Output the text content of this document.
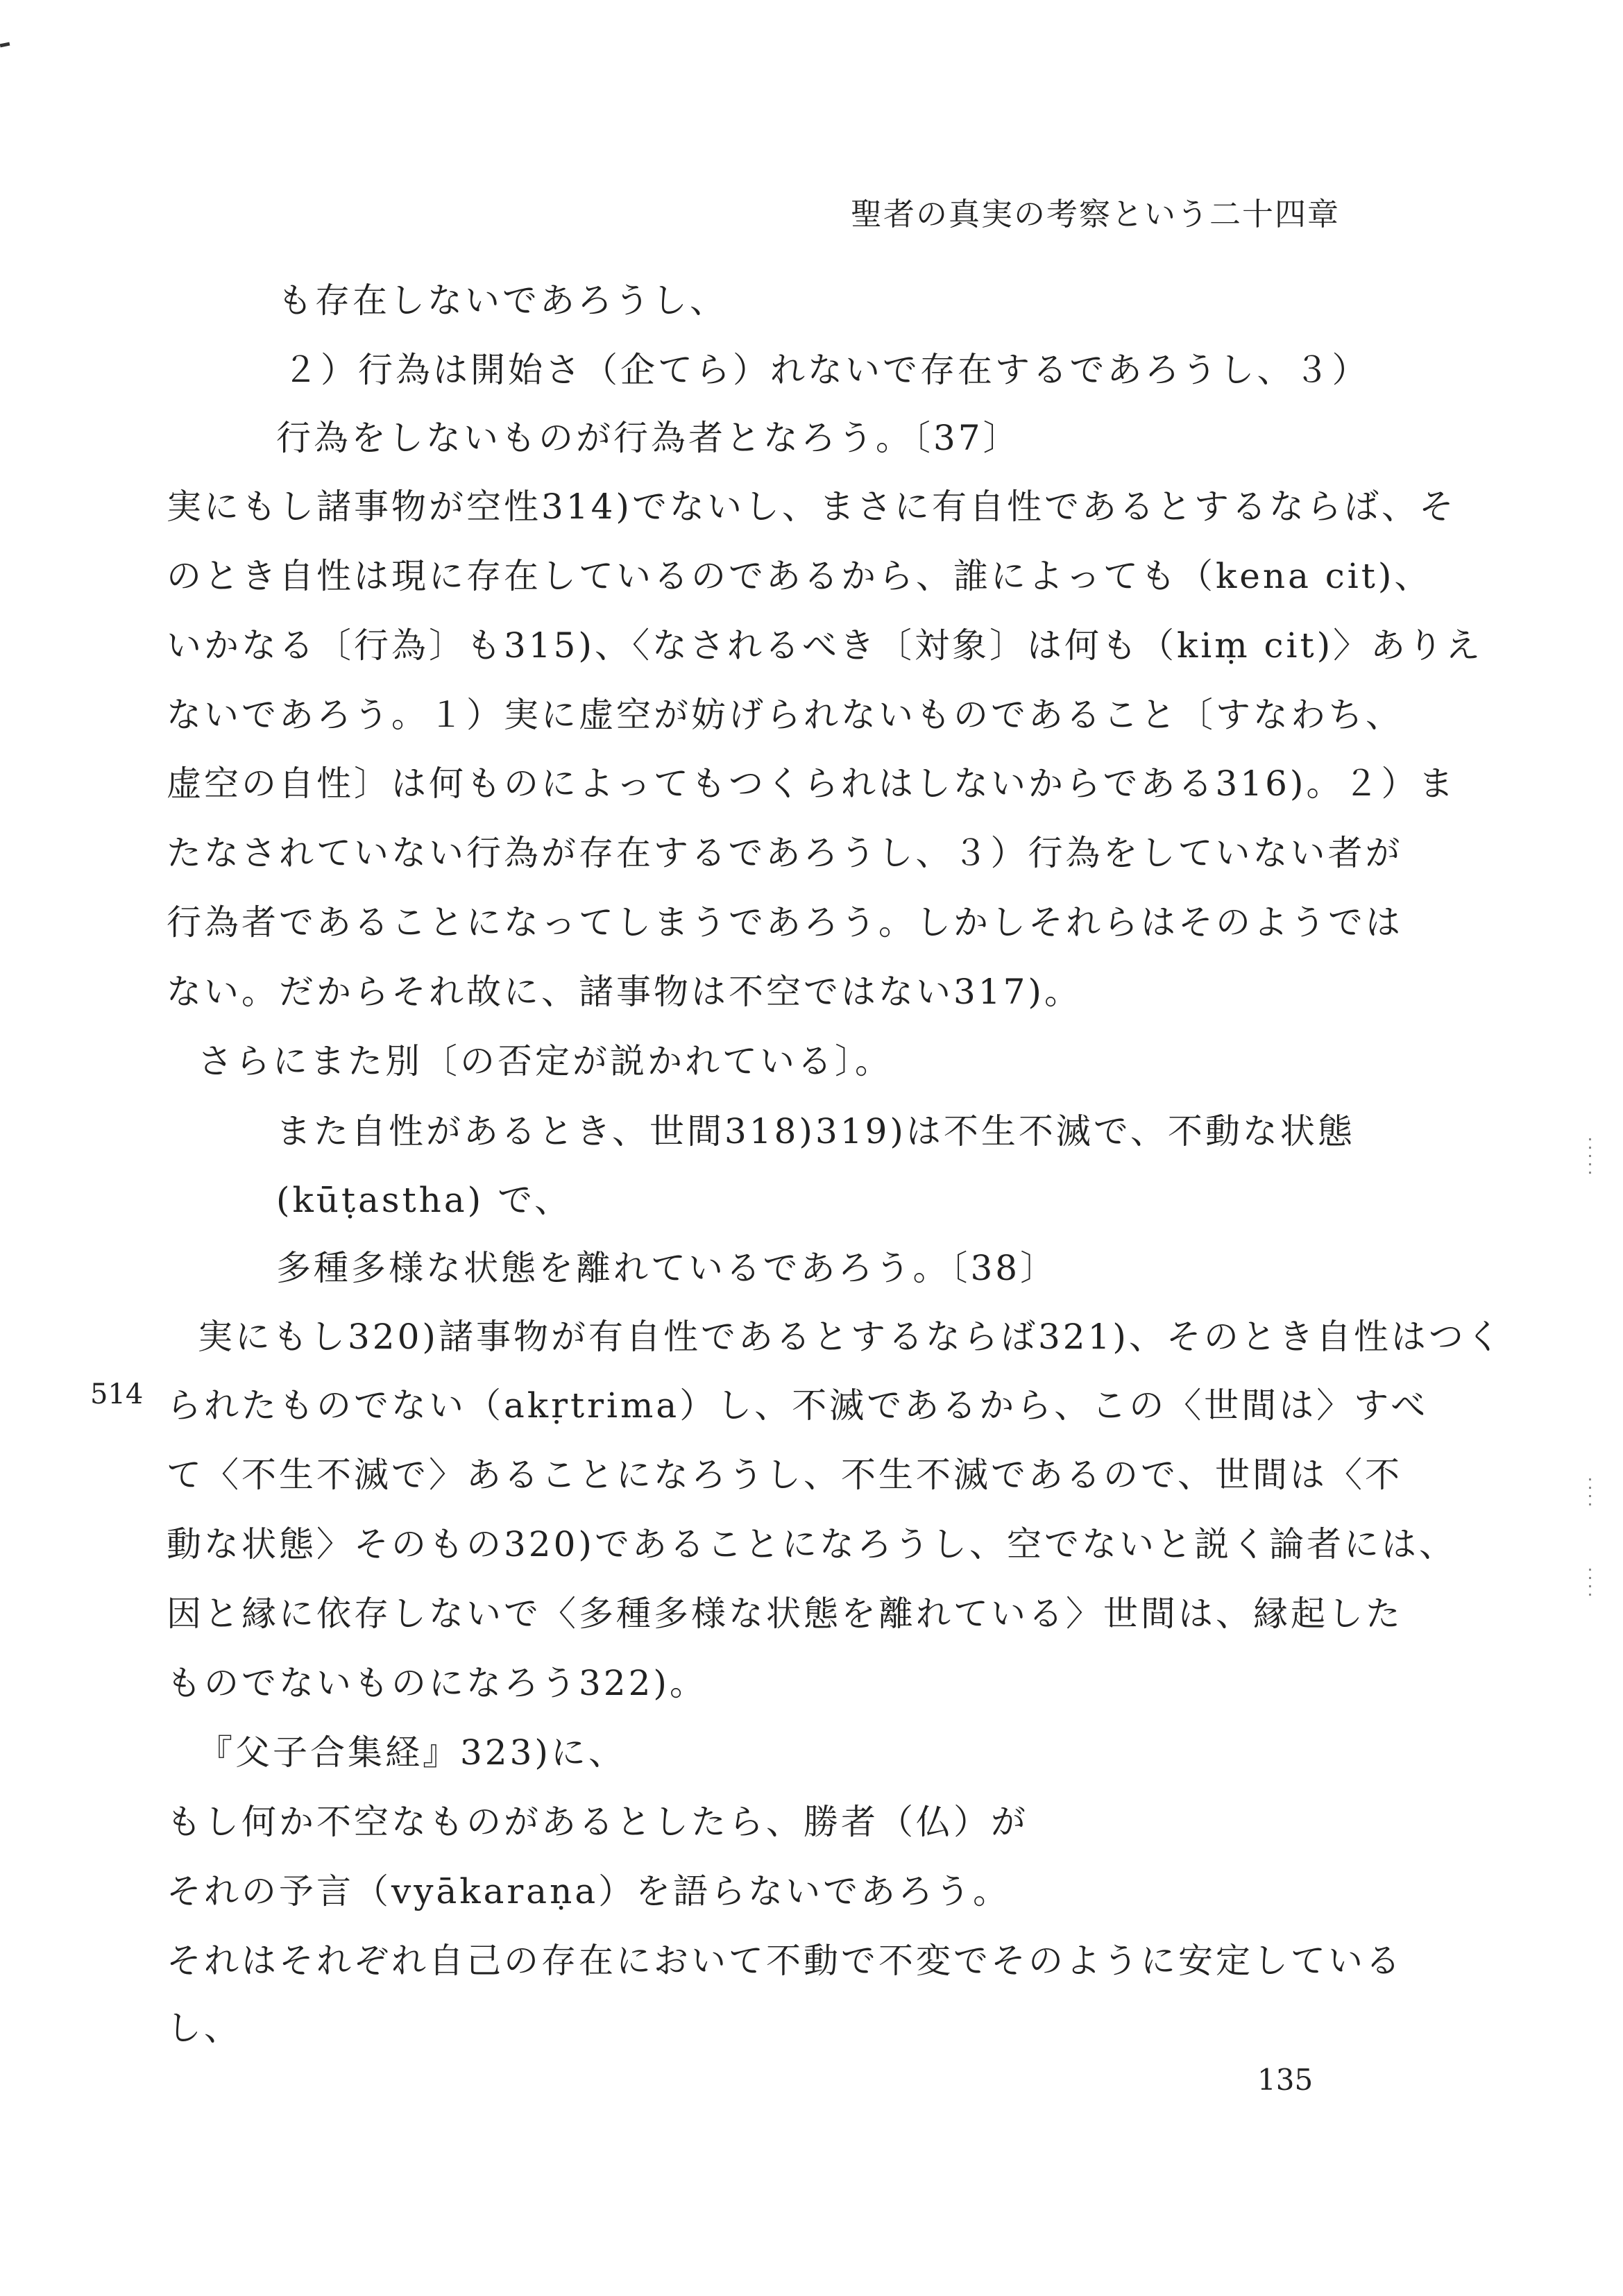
聖者の真実の考察という二十四章
も存在しないであろうし、
２）行為は開始さ（企てら）れないで存在するであろうし、３）
行為をしないものが行為者となろう。〔37〕
実にもし諸事物が空性314)でないし、まさに有自性であるとするならば、そ
のとき自性は現に存在しているのであるから、誰によっても（kena cit)、
いかなる〔行為〕も315)、〈なされるべき〔対象〕は何も（kiṃ cit)〉ありえ
ないであろう。１）実に虚空が妨げられないものであること〔すなわち、
虚空の自性〕は何ものによってもつくられはしないからである316)。２）ま
たなされていない行為が存在するであろうし、３）行為をしていない者が
行為者であることになってしまうであろう。しかしそれらはそのようでは
ない。だからそれ故に、諸事物は不空ではない317)。
さらにまた別〔の否定が説かれている〕。
また自性があるとき、世間318)319)は不生不滅で、不動な状態
(kūṭastha) で、
多種多様な状態を離れているであろう。〔38〕
実にもし320)諸事物が有自性であるとするならば321)、そのとき自性はつく
られたものでない（akṛtrima）し、不滅であるから、この〈世間は〉すべ
て〈不生不滅で〉あることになろうし、不生不滅であるので、世間は〈不
動な状態〉そのもの320)であることになろうし、空でないと説く論者には、
因と縁に依存しないで〈多種多様な状態を離れている〉世間は、縁起した
ものでないものになろう322)。
『父子合集経』323)に、
もし何か不空なものがあるとしたら、勝者（仏）が
それの予言（vyākaraṇa）を語らないであろう。
それはそれぞれ自己の存在において不動で不変でそのように安定している
し、
514
135
